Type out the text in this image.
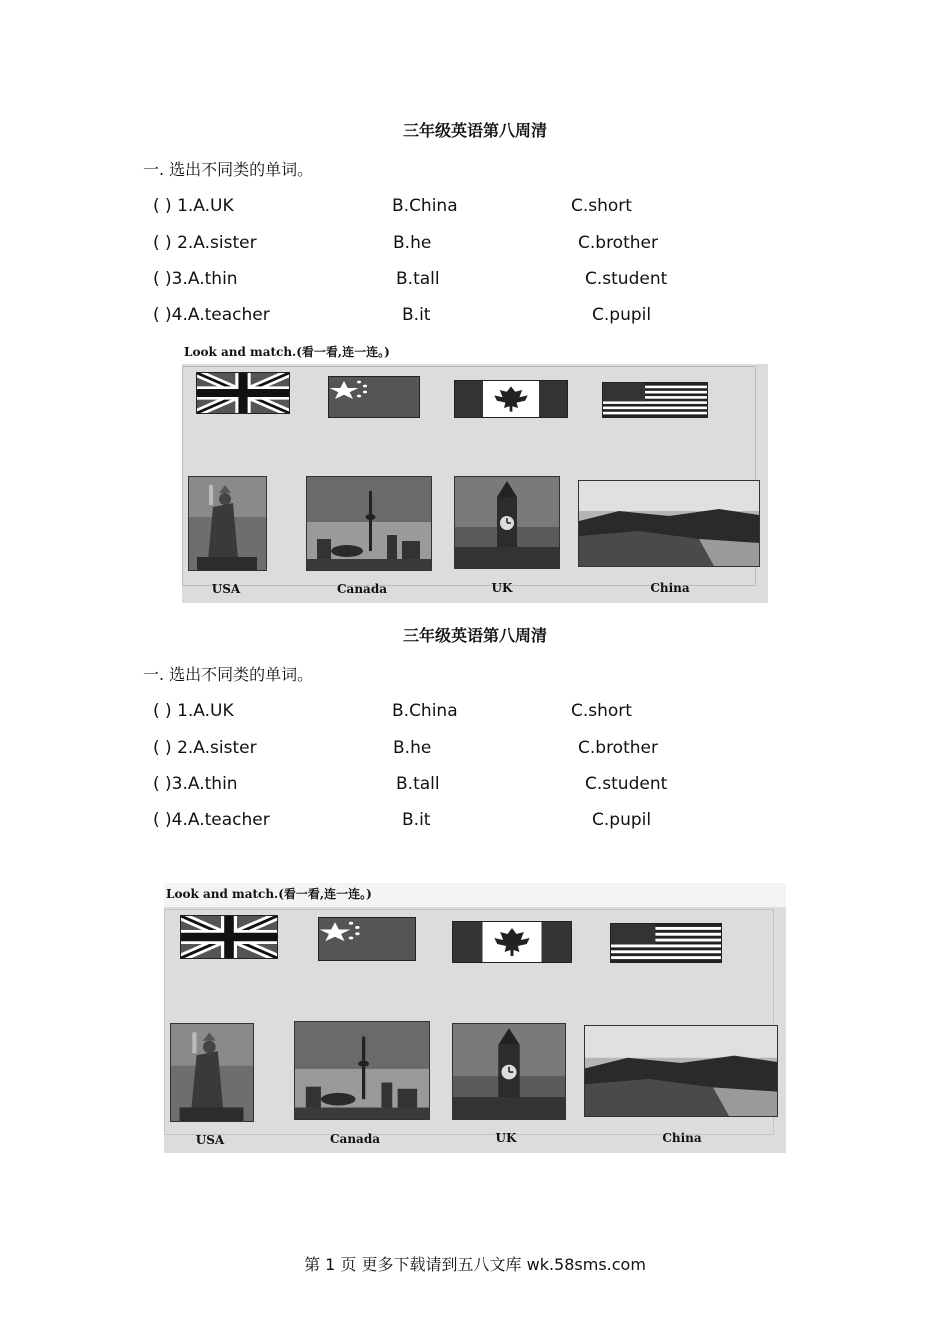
三年级英语第八周清
一. 选出不同类的单词。
( ) 1.A.UK	B.China	C.short
( ) 2.A.sister	B.he	C.brother
( )3.A.thin	B.tall	C.student
( )4.A.teacher	B.it	C.pupil
Look and match.(看一看,连一连。)
USA	Canada	UK	China
三年级英语第八周清
一. 选出不同类的单词。
( ) 1.A.UK	B.China	C.short
( ) 2.A.sister	B.he	C.brother
( )3.A.thin	B.tall	C.student
( )4.A.teacher	B.it	C.pupil
Look and match.(看一看,连一连。)
USA	Canada	UK	China
第 1 页 更多下载请到五八文库 wk.58sms.com
